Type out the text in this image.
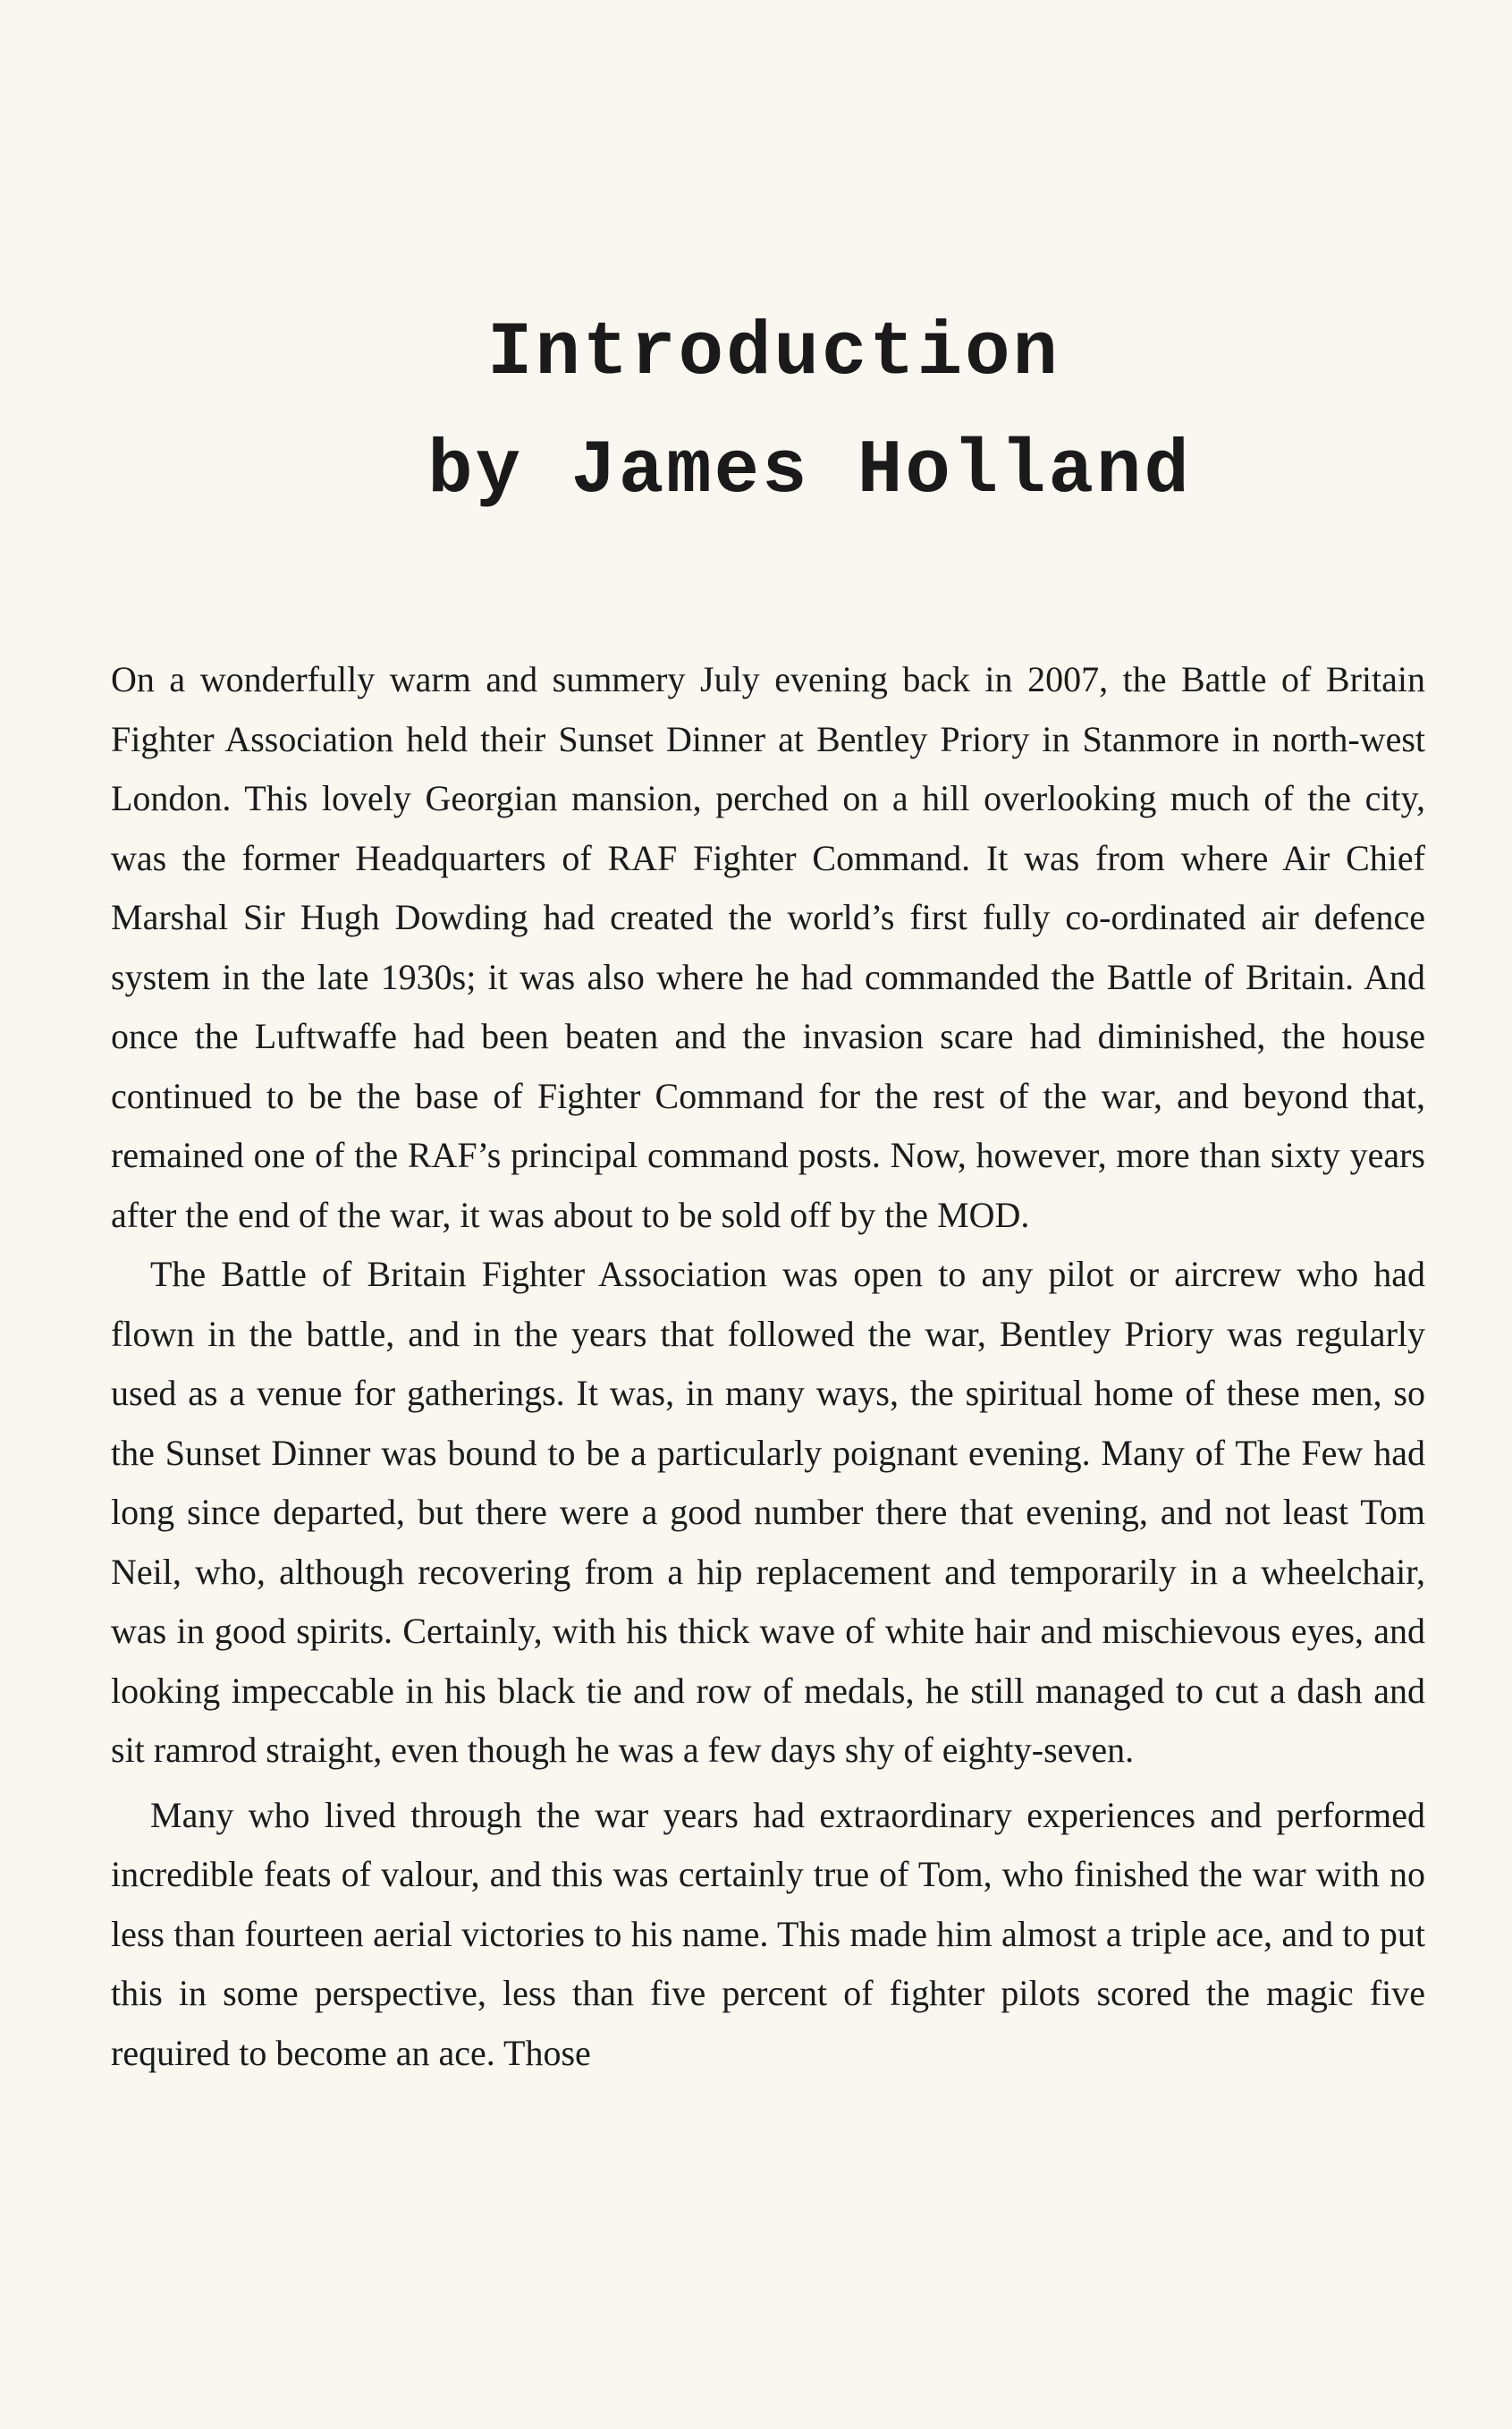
Introduction
by James Holland

On a wonderfully warm and summery July evening back in 2007, the Battle of Britain Fighter Association held their Sunset Dinner at Bentley Priory in Stanmore in north-west London. This lovely Georgian mansion, perched on a hill overlooking much of the city, was the former Headquarters of RAF Fighter Command. It was from where Air Chief Marshal Sir Hugh Dowding had created the world’s first fully co-ordinated air defence system in the late 1930s; it was also where he had commanded the Battle of Britain. And once the Luftwaffe had been beaten and the invasion scare had diminished, the house continued to be the base of Fighter Command for the rest of the war, and beyond that, remained one of the RAF’s principal command posts. Now, however, more than sixty years after the end of the war, it was about to be sold off by the MOD.

The Battle of Britain Fighter Association was open to any pilot or aircrew who had flown in the battle, and in the years that followed the war, Bentley Priory was regularly used as a venue for gatherings. It was, in many ways, the spiritual home of these men, so the Sunset Dinner was bound to be a particularly poignant evening. Many of The Few had long since departed, but there were a good number there that evening, and not least Tom Neil, who, although recovering from a hip replacement and temporarily in a wheelchair, was in good spirits. Certainly, with his thick wave of white hair and mischievous eyes, and looking impeccable in his black tie and row of medals, he still managed to cut a dash and sit ramrod straight, even though he was a few days shy of eighty-seven.

Many who lived through the war years had extraordinary experiences and performed incredible feats of valour, and this was certainly true of Tom, who finished the war with no less than fourteen aerial victories to his name. This made him almost a triple ace, and to put this in some perspective, less than five percent of fighter pilots scored the magic five required to become an ace. Those
